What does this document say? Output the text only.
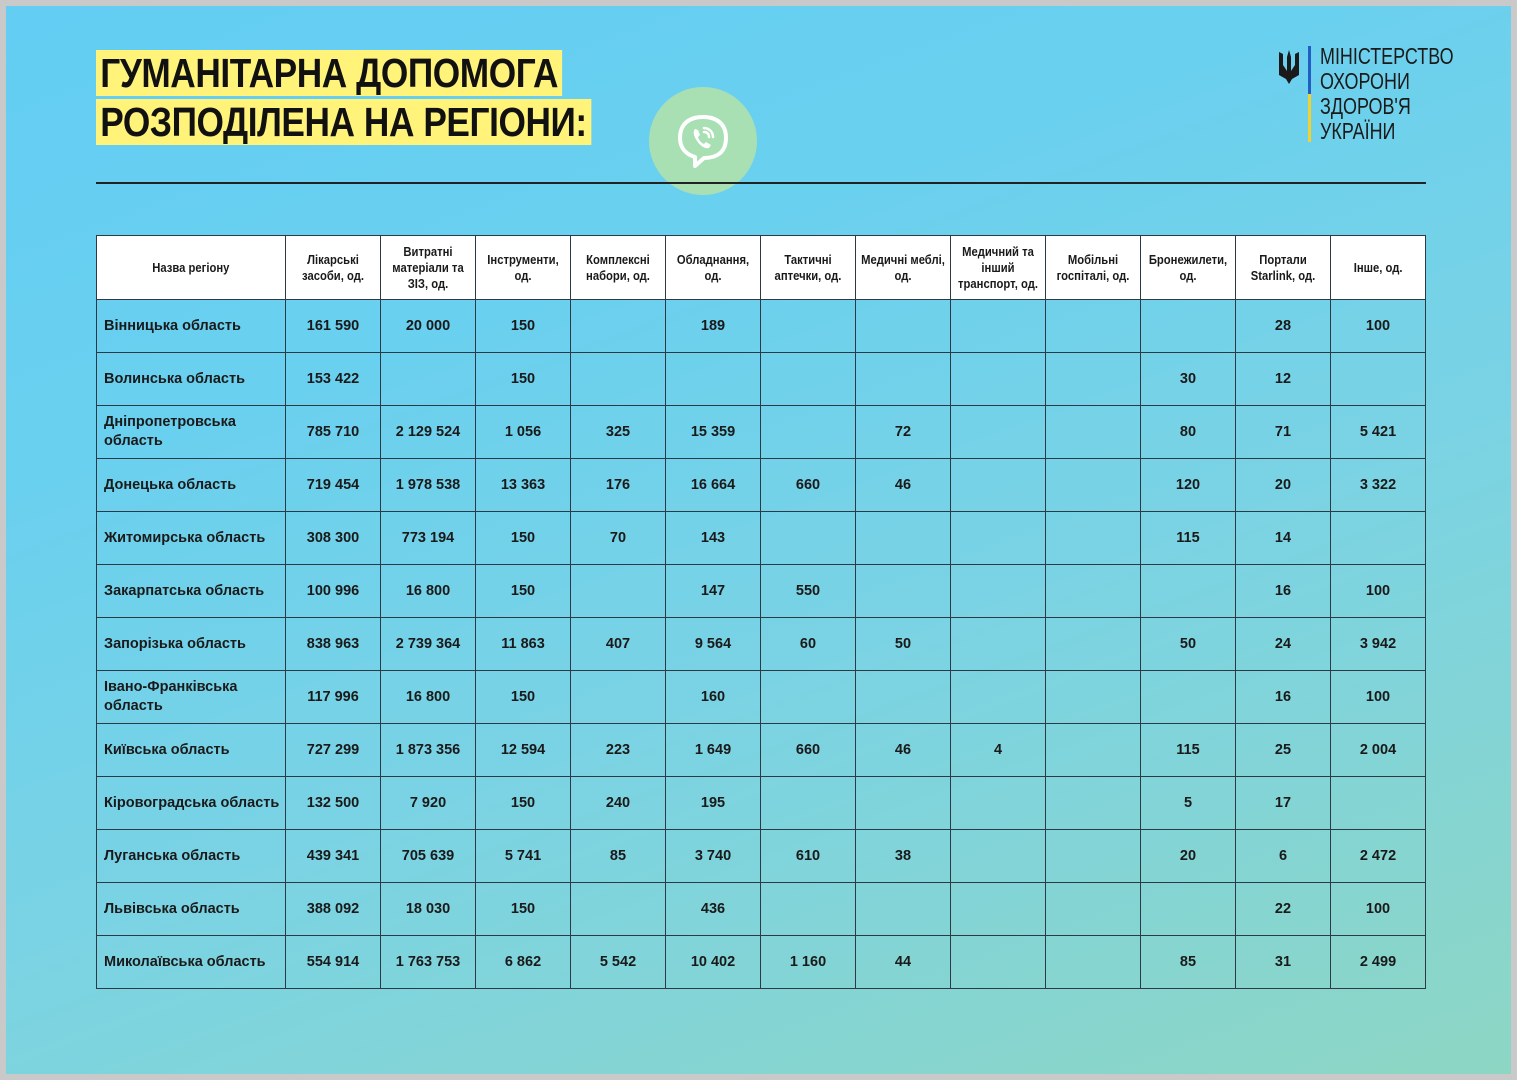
ГУМАНІТАРНА ДОПОМОГА
РОЗПОДІЛЕНА НА РЕГІОНИ:
МІНІСТЕРСТВО
ОХОРОНИ
ЗДОРОВ'Я
УКРАЇНИ
Назва регіону	Лікарські засоби, од.	Витратні матеріали та ЗІЗ, од.	Інструменти, од.	Комплексні набори, од.	Обладнання, од.	Тактичні аптечки, од.	Медичні меблі, од.	Медичний та інший транспорт, од.	Мобільні госпіталі, од.	Бронежилети, од.	Портали Starlink, од.	Інше, од.
Вінницька область	161 590	20 000	150		189						28	100
Волинська область	153 422		150							30	12	
Дніпропетровська область	785 710	2 129 524	1 056	325	15 359		72			80	71	5 421
Донецька область	719 454	1 978 538	13 363	176	16 664	660	46			120	20	3 322
Житомирська область	308 300	773 194	150	70	143					115	14	
Закарпатська область	100 996	16 800	150		147	550					16	100
Запорізька область	838 963	2 739 364	11 863	407	9 564	60	50			50	24	3 942
Івано-Франківська область	117 996	16 800	150		160						16	100
Київська область	727 299	1 873 356	12 594	223	1 649	660	46	4		115	25	2 004
Кіровоградська область	132 500	7 920	150	240	195					5	17	
Луганська область	439 341	705 639	5 741	85	3 740	610	38			20	6	2 472
Львівська область	388 092	18 030	150		436						22	100
Миколаївська область	554 914	1 763 753	6 862	5 542	10 402	1 160	44			85	31	2 499
